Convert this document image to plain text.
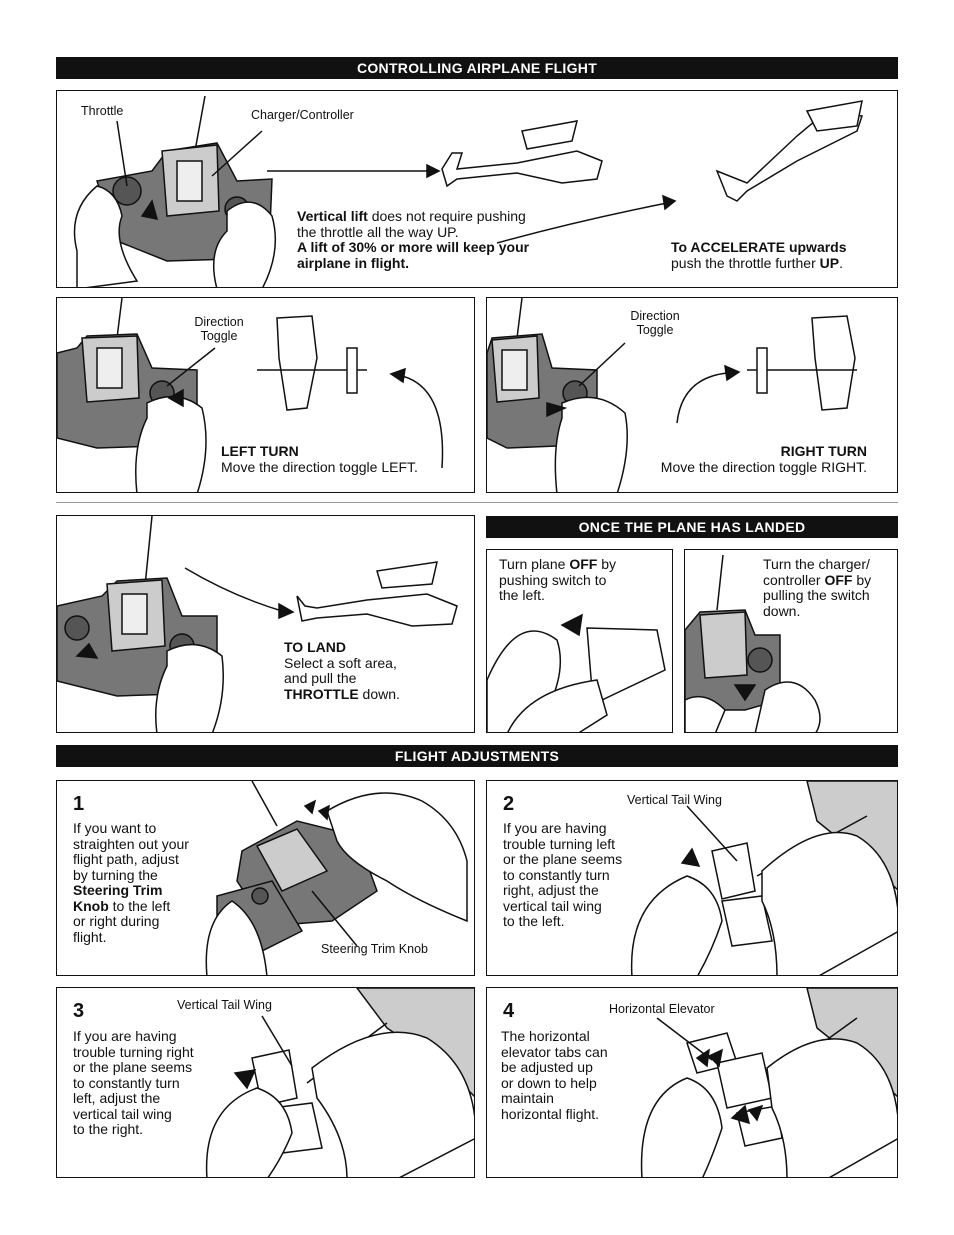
CONTROLLING AIRPLANE FLIGHT
Throttle	Charger/Controller
Vertical lift does not require pushing
the throttle all the way UP.
A lift of 30% or more will keep your
airplane in flight.
To ACCELERATE upwards
push the throttle further UP.
Direction
Toggle
LEFT TURN
Move the direction toggle LEFT.
Direction
Toggle
RIGHT TURN
Move the direction toggle RIGHT.
TO LAND
Select a soft area,
and pull the
THROTTLE down.
ONCE THE PLANE HAS LANDED
Turn plane OFF by
pushing switch to
the left.
Turn the charger/
controller OFF by
pulling the switch
down.
FLIGHT ADJUSTMENTS
1
If you want to
straighten out your
flight path, adjust
by turning the
Steering Trim
Knob to the left
or right during
flight.
Steering Trim Knob
2	Vertical Tail Wing
If you are having
trouble turning left
or the plane seems
to constantly turn
right, adjust the
vertical tail wing
to the left.
3	Vertical Tail Wing
If you are having
trouble turning right
or the plane seems
to constantly turn
left, adjust the
vertical tail wing
to the right.
4	Horizontal Elevator
The horizontal
elevator tabs can
be adjusted up
or down to help
maintain
horizontal flight.
